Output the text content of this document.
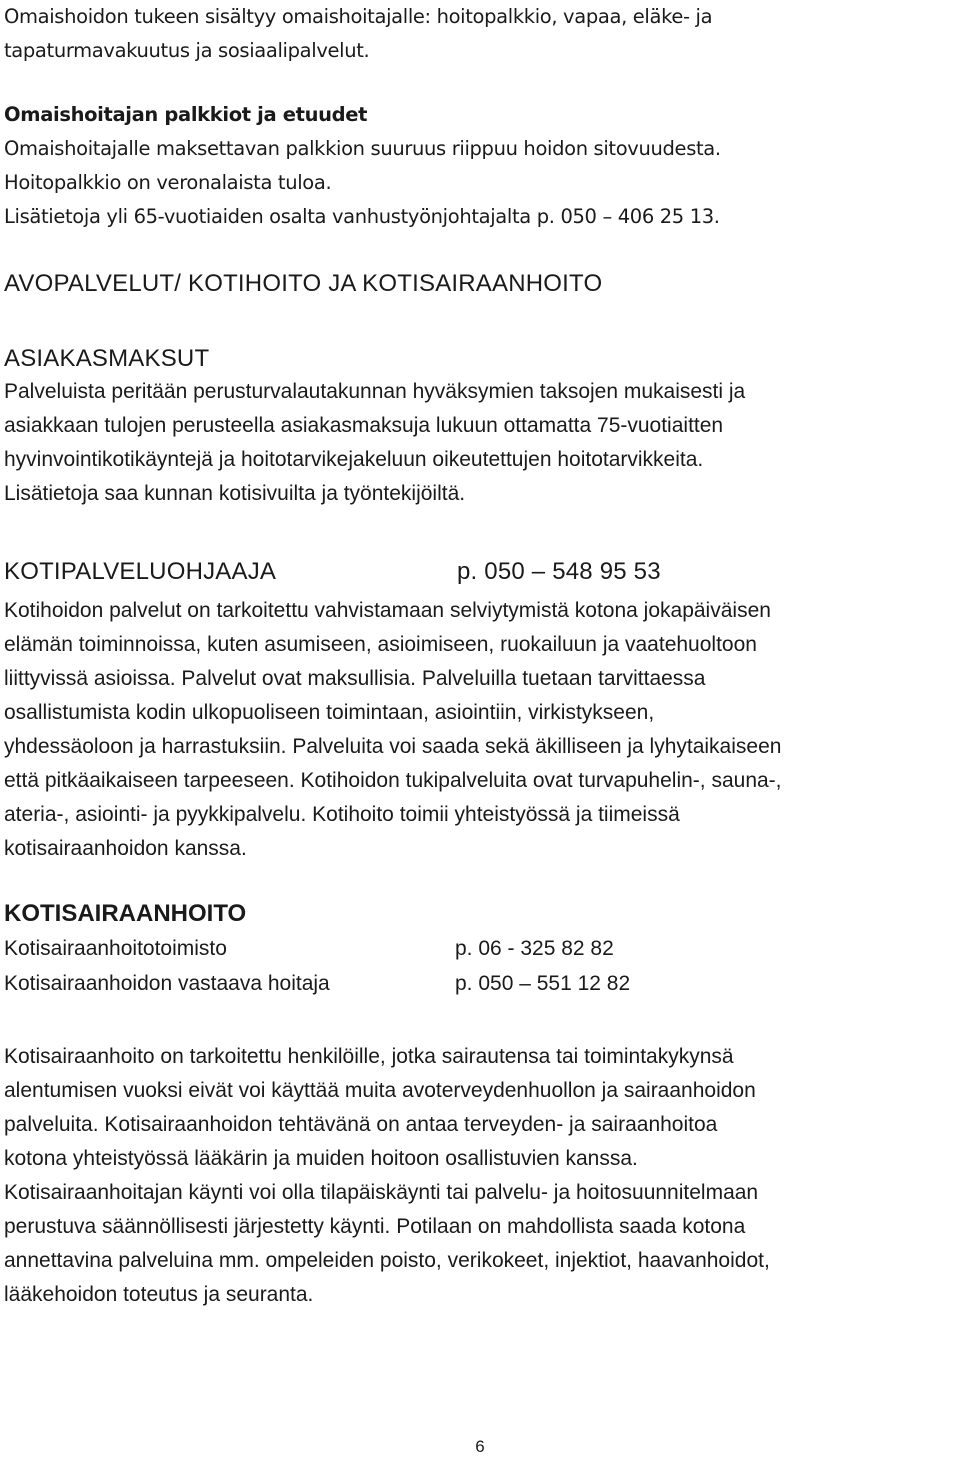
Omaishoidon tukeen sisältyy omaishoitajalle: hoitopalkkio, vapaa, eläke- ja
tapaturmavakuutus ja sosiaalipalvelut.
Omaishoitajan palkkiot ja etuudet
Omaishoitajalle maksettavan palkkion suuruus riippuu hoidon sitovuudesta.
Hoitopalkkio on veronalaista tuloa.
Lisätietoja yli 65-vuotiaiden osalta vanhustyönjohtajalta p. 050 – 406 25 13.
AVOPALVELUT/ KOTIHOITO JA KOTISAIRAANHOITO
ASIAKASMAKSUT
Palveluista peritään perusturvalautakunnan hyväksymien taksojen mukaisesti ja
asiakkaan tulojen perusteella asiakasmaksuja lukuun ottamatta 75-vuotiaitten
hyvinvointikotikäyntejä ja hoitotarvikejakeluun oikeutettujen hoitotarvikkeita.
Lisätietoja saa kunnan kotisivuilta ja työntekijöiltä.
KOTIPALVELUOHJAAJA	p. 050 – 548 95 53
Kotihoidon palvelut on tarkoitettu vahvistamaan selviytymistä kotona jokapäiväisen
elämän toiminnoissa, kuten asumiseen, asioimiseen, ruokailuun ja vaatehuoltoon
liittyvissä asioissa. Palvelut ovat maksullisia. Palveluilla tuetaan tarvittaessa
osallistumista kodin ulkopuoliseen toimintaan, asiointiin, virkistykseen,
yhdessäoloon ja harrastuksiin. Palveluita voi saada sekä äkilliseen ja lyhytaikaiseen
että pitkäaikaiseen tarpeeseen. Kotihoidon tukipalveluita ovat turvapuhelin-, sauna-,
ateria-, asiointi- ja pyykkipalvelu. Kotihoito toimii yhteistyössä ja tiimeissä
kotisairaanhoidon kanssa.
KOTISAIRAANHOITO
Kotisairaanhoitotoimisto	p. 06 - 325 82 82
Kotisairaanhoidon vastaava hoitaja	p. 050 – 551 12 82
Kotisairaanhoito on tarkoitettu henkilöille, jotka sairautensa tai toimintakykynsä
alentumisen vuoksi eivät voi käyttää muita avoterveydenhuollon ja sairaanhoidon
palveluita. Kotisairaanhoidon tehtävänä on antaa terveyden- ja sairaanhoitoa
kotona yhteistyössä lääkärin ja muiden hoitoon osallistuvien kanssa.
Kotisairaanhoitajan käynti voi olla tilapäiskäynti tai palvelu- ja hoitosuunnitelmaan
perustuva säännöllisesti järjestetty käynti. Potilaan on mahdollista saada kotona
annettavina palveluina mm. ompeleiden poisto, verikokeet, injektiot, haavanhoidot,
lääkehoidon toteutus ja seuranta.
6
